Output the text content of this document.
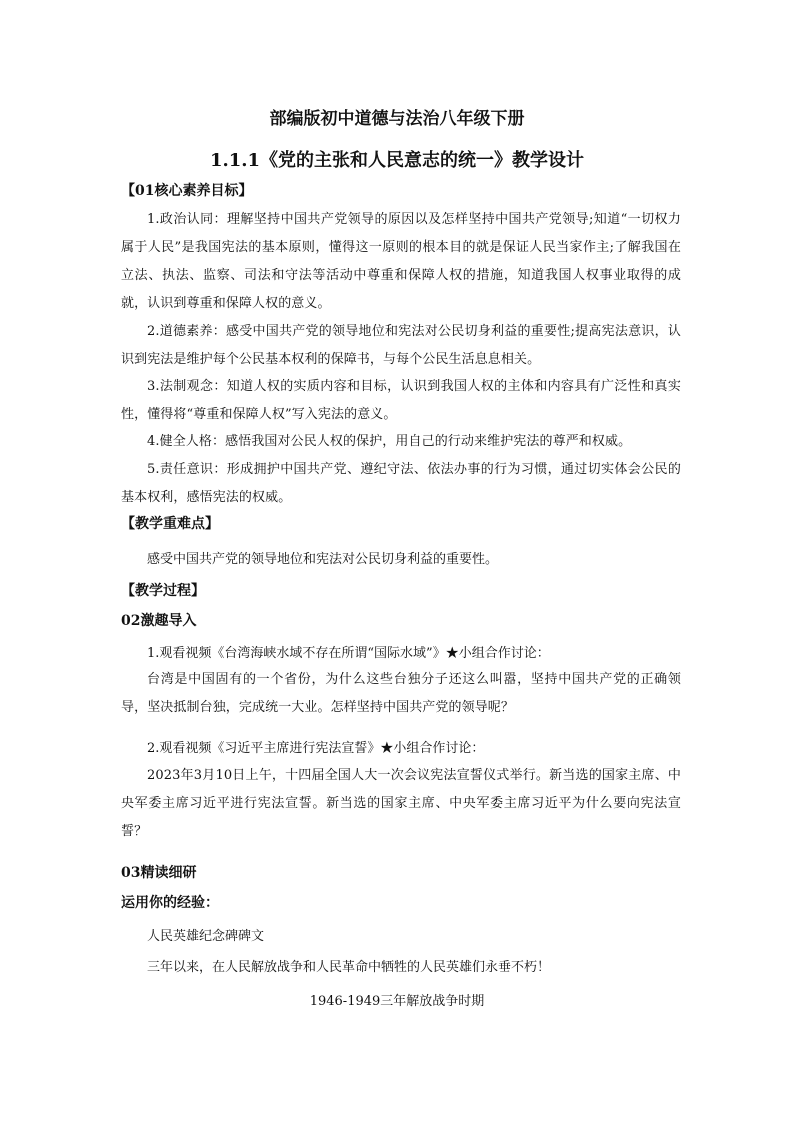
部编版初中道德与法治八年级下册
1.1.1《党的主张和人民意志的统一》教学设计
【01核心素养目标】
1.政治认同：理解坚持中国共产党领导的原因以及怎样坚持中国共产党领导;知道“一切权力属于人民”是我国宪法的基本原则，懂得这一原则的根本目的就是保证人民当家作主;了解我国在立法、执法、监察、司法和守法等活动中尊重和保障人权的措施，知道我国人权事业取得的成就，认识到尊重和保障人权的意义。
2.道德素养：感受中国共产党的领导地位和宪法对公民切身利益的重要性;提高宪法意识，认识到宪法是维护每个公民基本权利的保障书，与每个公民生活息息相关。
3.法制观念：知道人权的实质内容和目标，认识到我国人权的主体和内容具有广泛性和真实性，懂得将“尊重和保障人权”写入宪法的意义。
4.健全人格：感悟我国对公民人权的保护，用自己的行动来维护宪法的尊严和权威。
5.责任意识：形成拥护中国共产党、遵纪守法、依法办事的行为习惯，通过切实体会公民的基本权利，感悟宪法的权威。
【教学重难点】
感受中国共产党的领导地位和宪法对公民切身利益的重要性。
【教学过程】
02激趣导入
1.观看视频《台湾海峡水域不存在所谓“国际水域”》★小组合作讨论：
台湾是中国固有的一个省份，为什么这些台独分子还这么叫嚣，坚持中国共产党的正确领导，坚决抵制台独，完成统一大业。怎样坚持中国共产党的领导呢？
2.观看视频《习近平主席进行宪法宣誓》★小组合作讨论：
2023年3月10日上午，十四届全国人大一次会议宪法宣誓仪式举行。新当选的国家主席、中央军委主席习近平进行宪法宣誓。新当选的国家主席、中央军委主席习近平为什么要向宪法宣誓？
03精读细研
运用你的经验：
人民英雄纪念碑碑文
三年以来，在人民解放战争和人民革命中牺牲的人民英雄们永垂不朽！
1946-1949三年解放战争时期
